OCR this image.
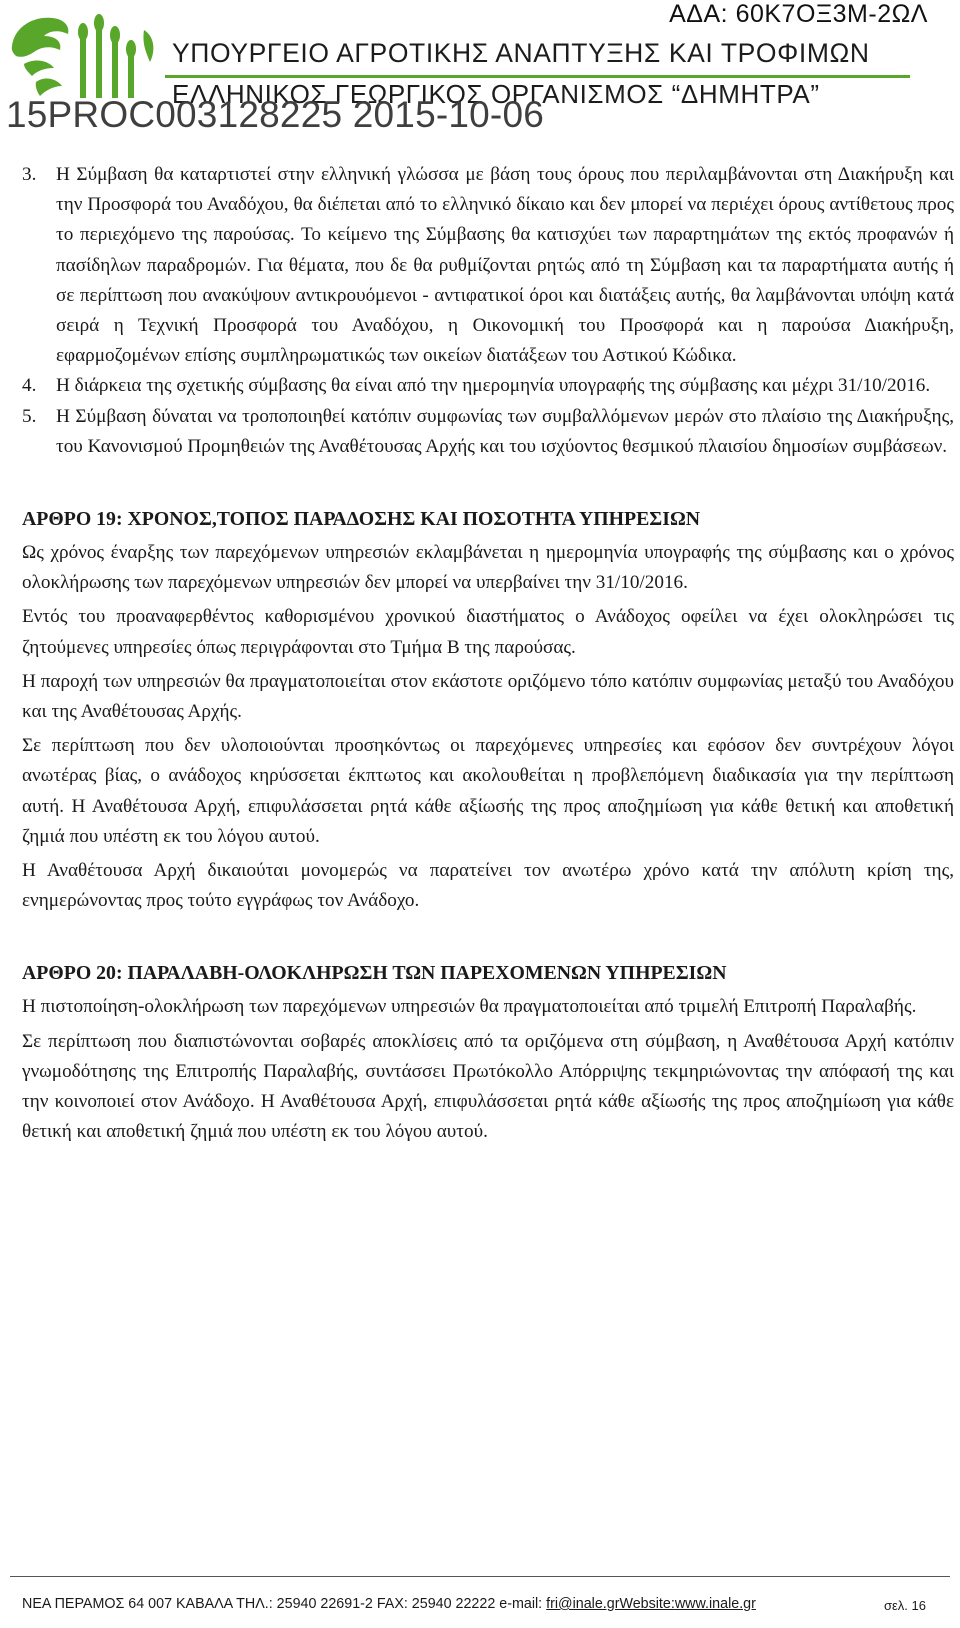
ΑΔΑ: 60Κ7ΟΞ3Μ-2ΩΛ
ΥΠΟΥΡΓΕΙΟ ΑΓΡΟΤΙΚΗΣ ΑΝΑΠΤΥΞΗΣ ΚΑΙ ΤΡΟΦΙΜΩΝ
ΕΛΛΗΝΙΚΟΣ ΓΕΩΡΓΙΚΟΣ ΟΡΓΑΝΙΣΜΟΣ “ΔΗΜΗΤΡΑ”
15PROC003128225 2015-10-06
3.	Η Σύμβαση θα καταρτιστεί στην ελληνική γλώσσα με βάση τους όρους που περιλαμβάνονται στη Διακήρυξη και την Προσφορά του Αναδόχου, θα διέπεται από το ελληνικό δίκαιο και δεν μπορεί να περιέχει όρους αντίθετους προς το περιεχόμενο της παρούσας. Το κείμενο της Σύμβασης θα κατισχύει των παραρτημάτων της εκτός προφανών ή πασίδηλων παραδρομών. Για θέματα, που δε θα ρυθμίζονται ρητώς από τη Σύμβαση και τα παραρτήματα αυτής ή σε περίπτωση που ανακύψουν αντικρουόμενοι - αντιφατικοί όροι και διατάξεις αυτής, θα λαμβάνονται υπόψη κατά σειρά η Τεχνική Προσφορά του Αναδόχου, η Οικονομική του Προσφορά και η παρούσα Διακήρυξη, εφαρμοζομένων επίσης συμπληρωματικώς των οικείων διατάξεων του Αστικού Κώδικα.
4.	Η διάρκεια της σχετικής σύμβασης θα είναι από την ημερομηνία υπογραφής της σύμβασης και μέχρι 31/10/2016.
5.	Η Σύμβαση δύναται να τροποποιηθεί κατόπιν συμφωνίας των συμβαλλόμενων μερών στο πλαίσιο της Διακήρυξης, του Κανονισμού Προμηθειών της Αναθέτουσας Αρχής και του ισχύοντος θεσμικού πλαισίου δημοσίων συμβάσεων.
ΑΡΘΡΟ 19: ΧΡΟΝΟΣ,ΤΟΠΟΣ ΠΑΡΑΔΟΣΗΣ ΚΑΙ ΠΟΣΟΤΗΤΑ ΥΠΗΡΕΣΙΩΝ

Ως χρόνος έναρξης των παρεχόμενων υπηρεσιών εκλαμβάνεται η ημερομηνία υπογραφής της σύμβασης και ο χρόνος ολοκλήρωσης των παρεχόμενων υπηρεσιών δεν μπορεί να υπερβαίνει την 31/10/2016.

Εντός του προαναφερθέντος καθορισμένου χρονικού διαστήματος ο Ανάδοχος οφείλει να έχει ολοκληρώσει τις ζητούμενες υπηρεσίες όπως περιγράφονται στο Τμήμα Β της παρούσας.

Η παροχή των υπηρεσιών θα πραγματοποιείται στον εκάστοτε οριζόμενο τόπο κατόπιν συμφωνίας μεταξύ του Αναδόχου και της Αναθέτουσας Αρχής.

Σε περίπτωση που δεν υλοποιούνται προσηκόντως οι παρεχόμενες υπηρεσίες και εφόσον δεν συντρέχουν λόγοι ανωτέρας βίας, ο ανάδοχος κηρύσσεται έκπτωτος και ακολουθείται η προβλεπόμενη διαδικασία για την περίπτωση αυτή. Η Αναθέτουσα Αρχή, επιφυλάσσεται ρητά κάθε αξίωσής της προς αποζημίωση για κάθε θετική και αποθετική ζημιά που υπέστη εκ του λόγου αυτού.

Η Αναθέτουσα Αρχή δικαιούται μονομερώς να παρατείνει τον ανωτέρω χρόνο κατά την απόλυτη κρίση της, ενημερώνοντας προς τούτο εγγράφως τον Ανάδοχο.

ΑΡΘΡΟ 20: ΠΑΡΑΛΑΒΗ-ΟΛΟΚΛΗΡΩΣΗ ΤΩΝ ΠΑΡΕΧΟΜΕΝΩΝ ΥΠΗΡΕΣΙΩΝ

Η πιστοποίηση-ολοκλήρωση των παρεχόμενων υπηρεσιών θα πραγματοποιείται από τριμελή Επιτροπή Παραλαβής.

Σε περίπτωση που διαπιστώνονται σοβαρές αποκλίσεις από τα οριζόμενα στη σύμβαση, η Αναθέτουσα Αρχή κατόπιν γνωμοδότησης της Επιτροπής Παραλαβής, συντάσσει Πρωτόκολλο Απόρριψης τεκμηριώνοντας την απόφασή της και την κοινοποιεί στον Ανάδοχο. Η Αναθέτουσα Αρχή, επιφυλάσσεται ρητά κάθε αξίωσής της προς αποζημίωση για κάθε θετική και αποθετική ζημιά που υπέστη εκ του λόγου αυτού.

ΝΕΑ ΠΕΡΑΜΟΣ 64 007 ΚΑΒΑΛΑ ΤΗΛ.: 25940 22691-2 FAX: 25940 22222 e-mail: fri@inale.grWebsite:www.inale.gr	σελ. 16
